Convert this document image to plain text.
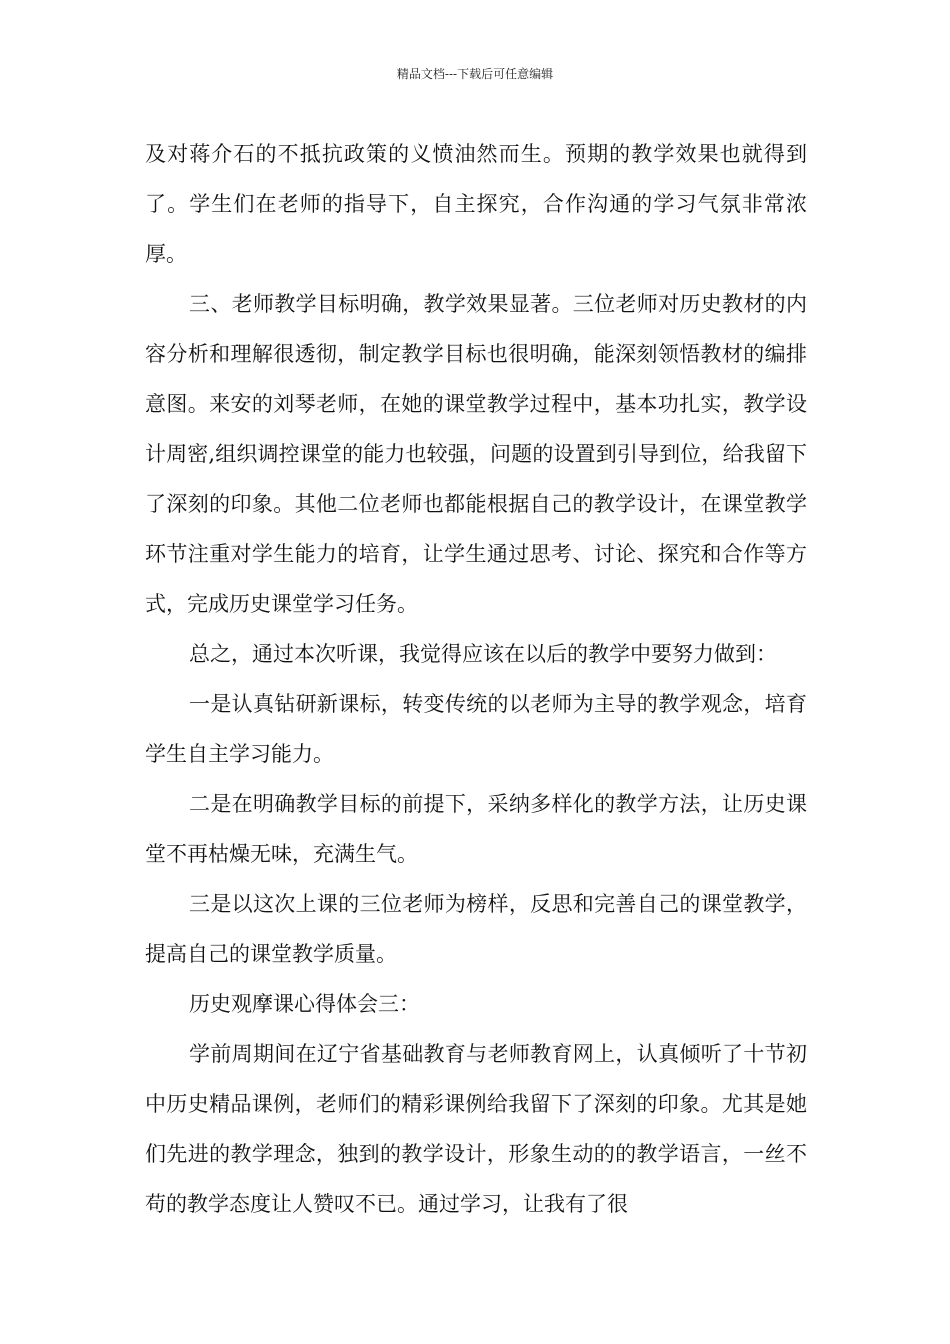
精品文档---下载后可任意编辑

及对蒋介石的不抵抗政策的义愤油然而生。预期的教学效果也就得到了。学生们在老师的指导下，自主探究，合作沟通的学习气氛非常浓厚。

三、老师教学目标明确，教学效果显著。三位老师对历史教材的内容分析和理解很透彻，制定教学目标也很明确，能深刻领悟教材的编排意图。来安的刘琴老师，在她的课堂教学过程中，基本功扎实，教学设计周密,组织调控课堂的能力也较强，问题的设置到引导到位，给我留下了深刻的印象。其他二位老师也都能根据自己的教学设计，在课堂教学环节注重对学生能力的培育，让学生通过思考、讨论、探究和合作等方式，完成历史课堂学习任务。

总之，通过本次听课，我觉得应该在以后的教学中要努力做到：

一是认真钻研新课标，转变传统的以老师为主导的教学观念，培育学生自主学习能力。

二是在明确教学目标的前提下，采纳多样化的教学方法，让历史课堂不再枯燥无味，充满生气。

三是以这次上课的三位老师为榜样，反思和完善自己的课堂教学，提高自己的课堂教学质量。

历史观摩课心得体会三：

学前周期间在辽宁省基础教育与老师教育网上，认真倾听了十节初中历史精品课例，老师们的精彩课例给我留下了深刻的印象。尤其是她们先进的教学理念，独到的教学设计，形象生动的的教学语言，一丝不苟的教学态度让人赞叹不已。通过学习，让我有了很
